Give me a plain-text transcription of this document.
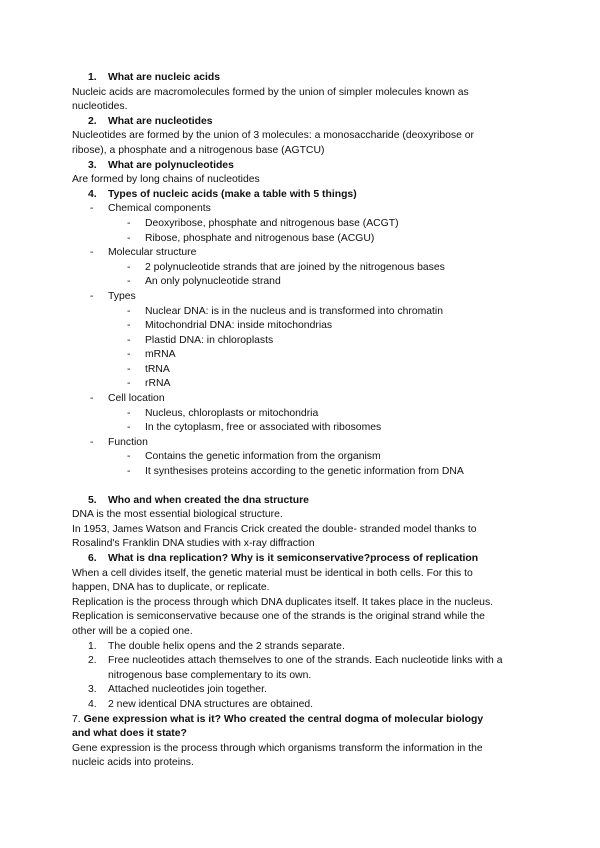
1.	What are nucleic acids
Nucleic acids are macromolecules formed by the union of simpler molecules known as
nucleotides.
2.	What are nucleotides
Nucleotides are formed by the union of 3 molecules: a monosaccharide (deoxyribose or
ribose), a phosphate and a nitrogenous base (AGTCU)
3.	What are polynucleotides
Are formed by long chains of nucleotides
4.	Types of nucleic acids (make a table with 5 things)
-	Chemical components
-	Deoxyribose, phosphate and nitrogenous base (ACGT)
-	Ribose, phosphate and nitrogenous base (ACGU)
-	Molecular structure
-	2 polynucleotide strands that are joined by the nitrogenous bases
-	An only polynucleotide strand
-	Types
-	Nuclear DNA: is in the nucleus and is transformed into chromatin
-	Mitochondrial DNA: inside mitochondrias
-	Plastid DNA: in chloroplasts
-	mRNA
-	tRNA
-	rRNA
-	Cell location
-	Nucleus, chloroplasts or mitochondria
-	In the cytoplasm, free or associated with ribosomes
-	Function
-	Contains the genetic information from the organism
-	It synthesises proteins according to the genetic information from DNA
5.	Who and when created the dna structure
DNA is the most essential biological structure.
In 1953, James Watson and Francis Crick created the double- stranded model thanks to
Rosalind's Franklin DNA studies with x-ray diffraction
6.	What is dna replication? Why is it semiconservative?process of replication
When a cell divides itself, the genetic material must be identical in both cells. For this to
happen, DNA has to duplicate, or replicate.
Replication is the process through which DNA duplicates itself. It takes place in the nucleus.
Replication is semiconservative because one of the strands is the original strand while the
other will be a copied one.
1.	The double helix opens and the 2 strands separate.
2.	Free nucleotides attach themselves to one of the strands. Each nucleotide links with a nitrogenous base complementary to its own.
3.	Attached nucleotides join together.
4.	2 new identical DNA structures are obtained.
7. Gene expression what is it? Who created the central dogma of molecular biology
and what does it state?
Gene expression is the process through which organisms transform the information in the
nucleic acids into proteins.
